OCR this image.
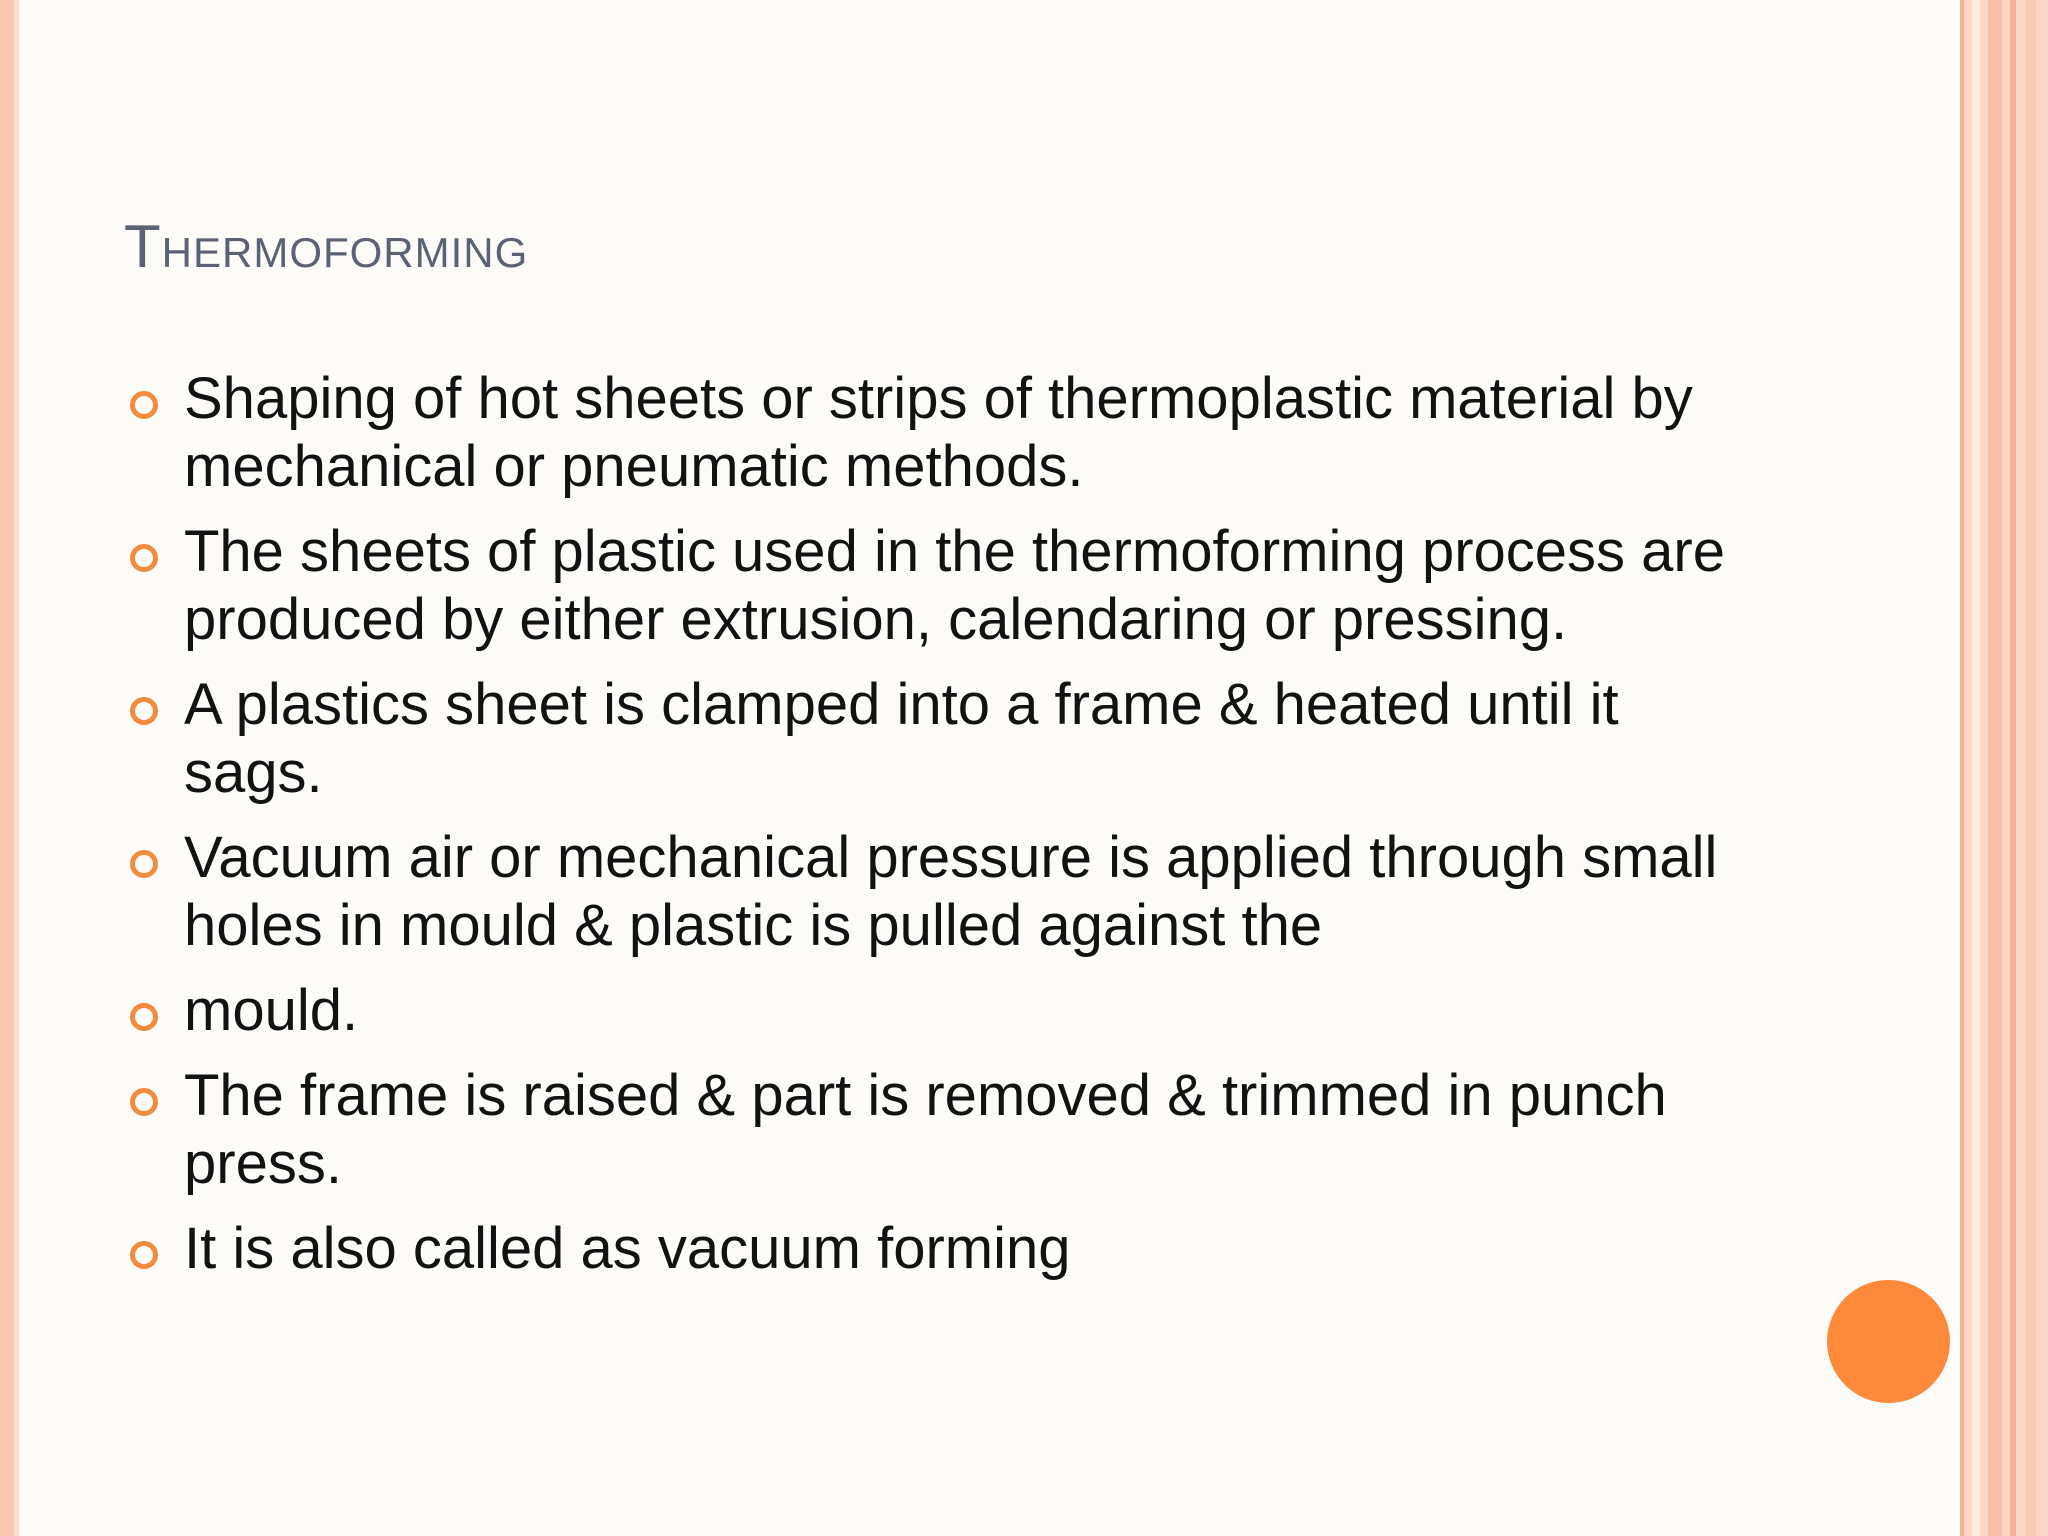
Thermoforming
Shaping of hot sheets or strips of thermoplastic material by mechanical or pneumatic methods.
The sheets of plastic used in the thermoforming process are produced by either extrusion, calendaring or pressing.
A plastics sheet is clamped into a frame & heated until it sags.
Vacuum air or mechanical pressure is applied through small holes in mould & plastic is pulled against the
mould.
The frame is raised & part is removed & trimmed in punch press.
It is also called as vacuum forming
